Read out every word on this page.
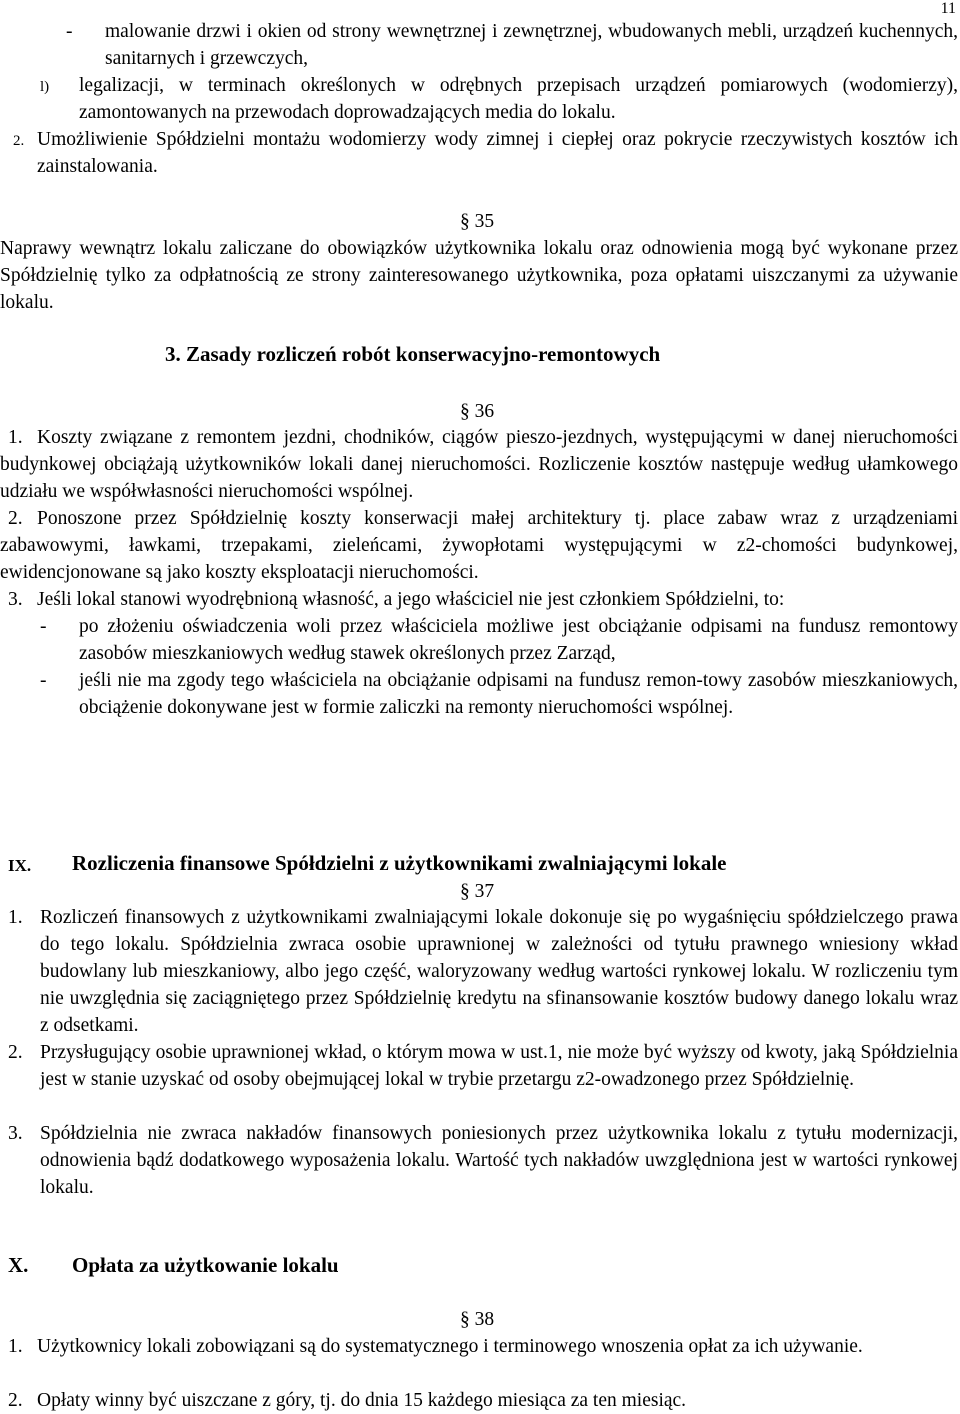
11
-	malowanie drzwi i okien od strony wewnętrznej i zewnętrznej, wbudowanych mebli, urządzeń kuchennych, sanitarnych i grzewczych,
l)	legalizacji, w terminach określonych w odrębnych przepisach urządzeń pomiarowych (wodomierzy), zamontowanych na przewodach doprowadzających media do lokalu.
2. Umożliwienie Spółdzielni montażu wodomierzy wody zimnej i ciepłej oraz pokrycie rzeczywistych kosztów ich zainstalowania.
§ 35
Naprawy wewnątrz lokalu zaliczane do obowiązków użytkownika lokalu oraz odnowienia mogą być wykonane przez Spółdzielnię tylko za odpłatnością ze strony zainteresowanego użytkownika, poza opłatami uiszczanymi za używanie lokalu.
3. Zasady rozliczeń robót konserwacyjno-remontowych
§ 36
1. Koszty związane z remontem jezdni, chodników, ciągów pieszo-jezdnych, występującymi w danej nieruchomości budynkowej obciążają użytkowników lokali danej nieruchomości. Rozliczenie kosztów następuje według ułamkowego udziału we współwłasności nieruchomości wspólnej.
2. Ponoszone przez Spółdzielnię koszty konserwacji małej architektury tj. place zabaw wraz z urządzeniami zabawowymi, ławkami, trzepakami, zieleńcami, żywopłotami występującymi w z2-chomości budynkowej, ewidencjonowane są jako koszty eksploatacji nieruchomości.
3. Jeśli lokal stanowi wyodrębnioną własność, a jego właściciel nie jest członkiem Spółdzielni, to:
-	po złożeniu oświadczenia woli przez właściciela możliwe jest obciążanie odpisami na fundusz remontowy zasobów mieszkaniowych według stawek określonych przez Zarząd,
-	jeśli nie ma zgody tego właściciela na obciążanie odpisami na fundusz remon-towy zasobów mieszkaniowych, obciążenie dokonywane jest w formie zaliczki na remonty nieruchomości wspólnej.
IX. Rozliczenia finansowe Spółdzielni z użytkownikami zwalniającymi lokale
§ 37
1. Rozliczeń finansowych z użytkownikami zwalniającymi lokale dokonuje się po wygaśnięciu spółdzielczego prawa do tego lokalu. Spółdzielnia zwraca osobie uprawnionej w zależności od tytułu prawnego wniesiony wkład budowlany lub mieszkaniowy, albo jego część, waloryzowany według wartości rynkowej lokalu. W rozliczeniu tym nie uwzględnia się zaciągniętego przez Spółdzielnię kredytu na sfinansowanie kosztów budowy danego lokalu wraz z odsetkami.
2. Przysługujący osobie uprawnionej wkład, o którym mowa w ust.1, nie może być wyższy od kwoty, jaką Spółdzielnia jest w stanie uzyskać od osoby obejmującej lokal w trybie przetargu z2-owadzonego przez Spółdzielnię.
3. Spółdzielnia nie zwraca nakładów finansowych poniesionych przez użytkownika lokalu z tytułu modernizacji, odnowienia bądź dodatkowego wyposażenia lokalu. Wartość tych nakładów uwzględniona jest w wartości rynkowej lokalu.
X. Opłata za użytkowanie lokalu
§ 38
1. Użytkownicy lokali zobowiązani są do systematycznego i terminowego wnoszenia opłat za ich używanie.
2. Opłaty winny być uiszczane z góry, tj. do dnia 15 każdego miesiąca za ten miesiąc.
